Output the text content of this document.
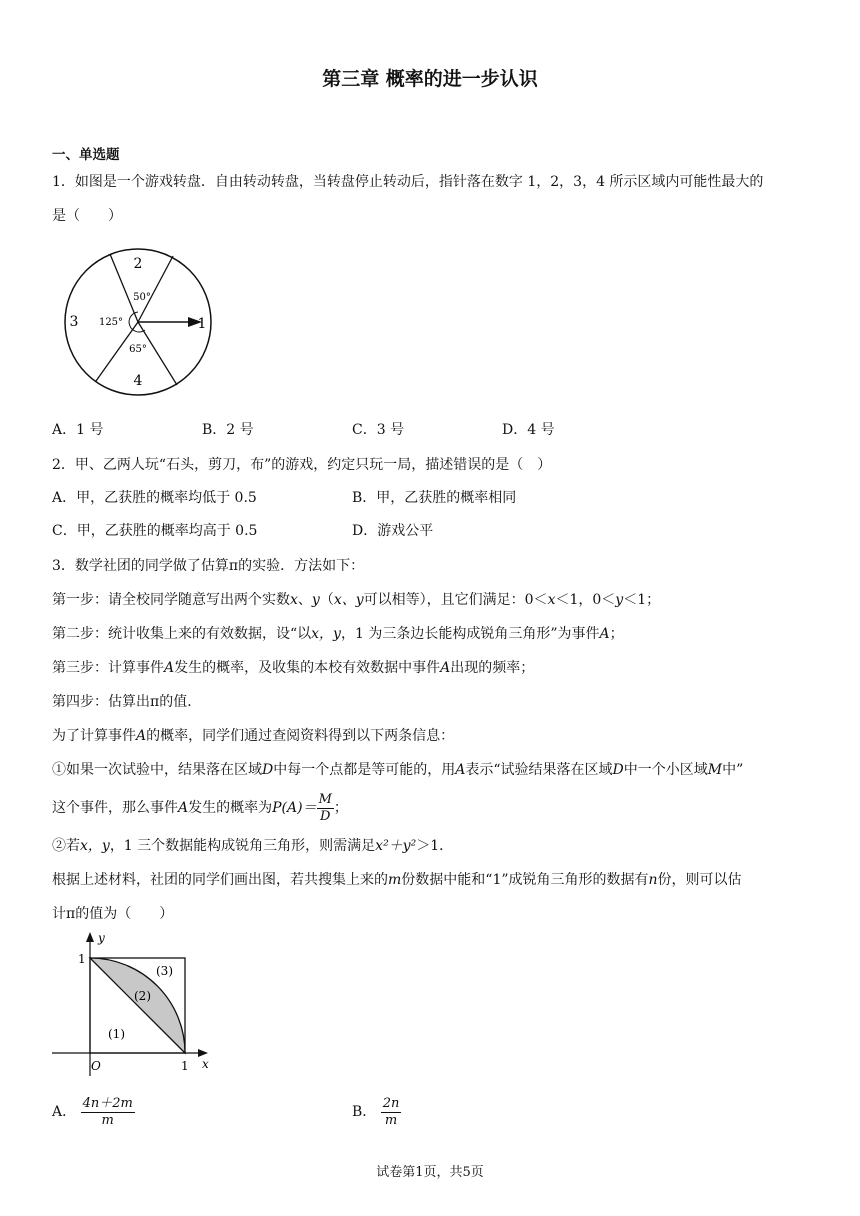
第三章 概率的进一步认识
一、单选题
1．如图是一个游戏转盘．自由转动转盘，当转盘停止转动后，指针落在数字 1，2，3，4 所示区域内可能性最大的
是（　　）
2
3
4
1
50°
125°
65°
A．1 号	B．2 号	C．3 号	D．4 号
2．甲、乙两人玩“石头，剪刀，布”的游戏，约定只玩一局，描述错误的是（　）
A．甲，乙获胜的概率均低于 0.5	B．甲，乙获胜的概率相同
C．甲，乙获胜的概率均高于 0.5	D．游戏公平
3．数学社团的同学做了估算π的实验．方法如下：
第一步：请全校同学随意写出两个实数x、y（x、y可以相等），且它们满足：0＜x＜1，0＜y＜1；
第二步：统计收集上来的有效数据，设“以x，y，1 为三条边长能构成锐角三角形”为事件A；
第三步：计算事件A发生的概率，及收集的本校有效数据中事件A出现的频率；
第四步：估算出π的值．
为了计算事件A的概率，同学们通过查阅资料得到以下两条信息：
①如果一次试验中，结果落在区域D中每一个点都是等可能的，用A表示“试验结果落在区域D中一个小区域M中”
这个事件，那么事件A发生的概率为$P(A)= \frac{M}{D}$ ；
②若x，y，1 三个数据能构成锐角三角形，则需满足x²＋y²＞1．
根据上述材料，社团的同学们画出图，若共搜集上来的m份数据中能和“1”成锐角三角形的数据有n份，则可以估
计π的值为（　　）
y
x
O
1
1
(1)
(2)
(3)
A． $\frac{4n+2m}{m}$	B． $\frac{2n}{m}$
试卷第1页，共5页
